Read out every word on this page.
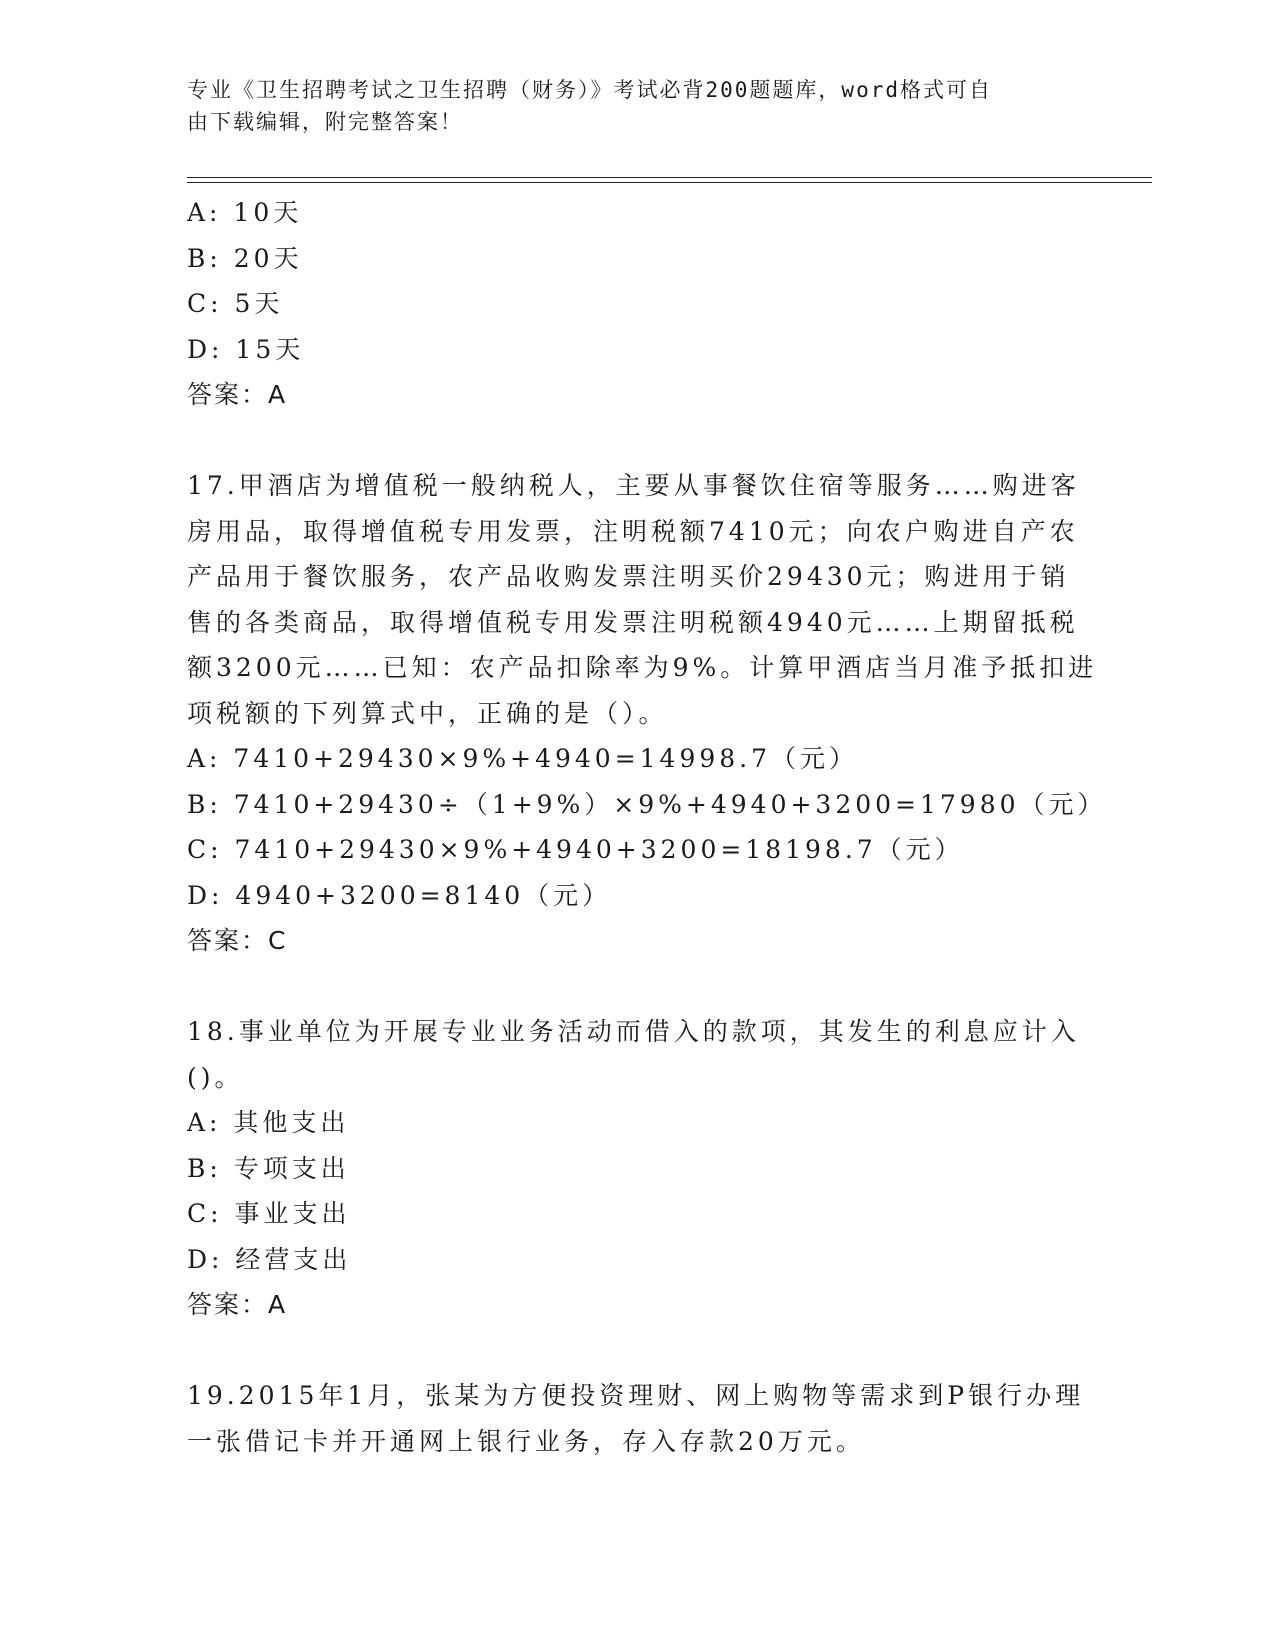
专业《卫生招聘考试之卫生招聘（财务）》考试必背200题题库，word格式可自
由下载编辑，附完整答案！
A: 10天
B: 20天
C: 5天
D: 15天
答案：A
17.甲酒店为增值税一般纳税人，主要从事餐饮住宿等服务……购进客
房用品，取得增值税专用发票，注明税额7410元；向农户购进自产农
产品用于餐饮服务，农产品收购发票注明买价29430元；购进用于销
售的各类商品，取得增值税专用发票注明税额4940元……上期留抵税
额3200元……已知：农产品扣除率为9%。计算甲酒店当月准予抵扣进
项税额的下列算式中，正确的是（）。
A: 7410+29430×9%+4940=14998.7（元）
B: 7410+29430÷（1+9%）×9%+4940+3200=17980（元）
C: 7410+29430×9%+4940+3200=18198.7（元）
D: 4940+3200=8140（元）
答案：C
18.事业单位为开展专业业务活动而借入的款项，其发生的利息应计入
()。
A: 其他支出
B: 专项支出
C: 事业支出
D: 经营支出
答案：A
19.2015年1月，张某为方便投资理财、网上购物等需求到P银行办理
一张借记卡并开通网上银行业务，存入存款20万元。
